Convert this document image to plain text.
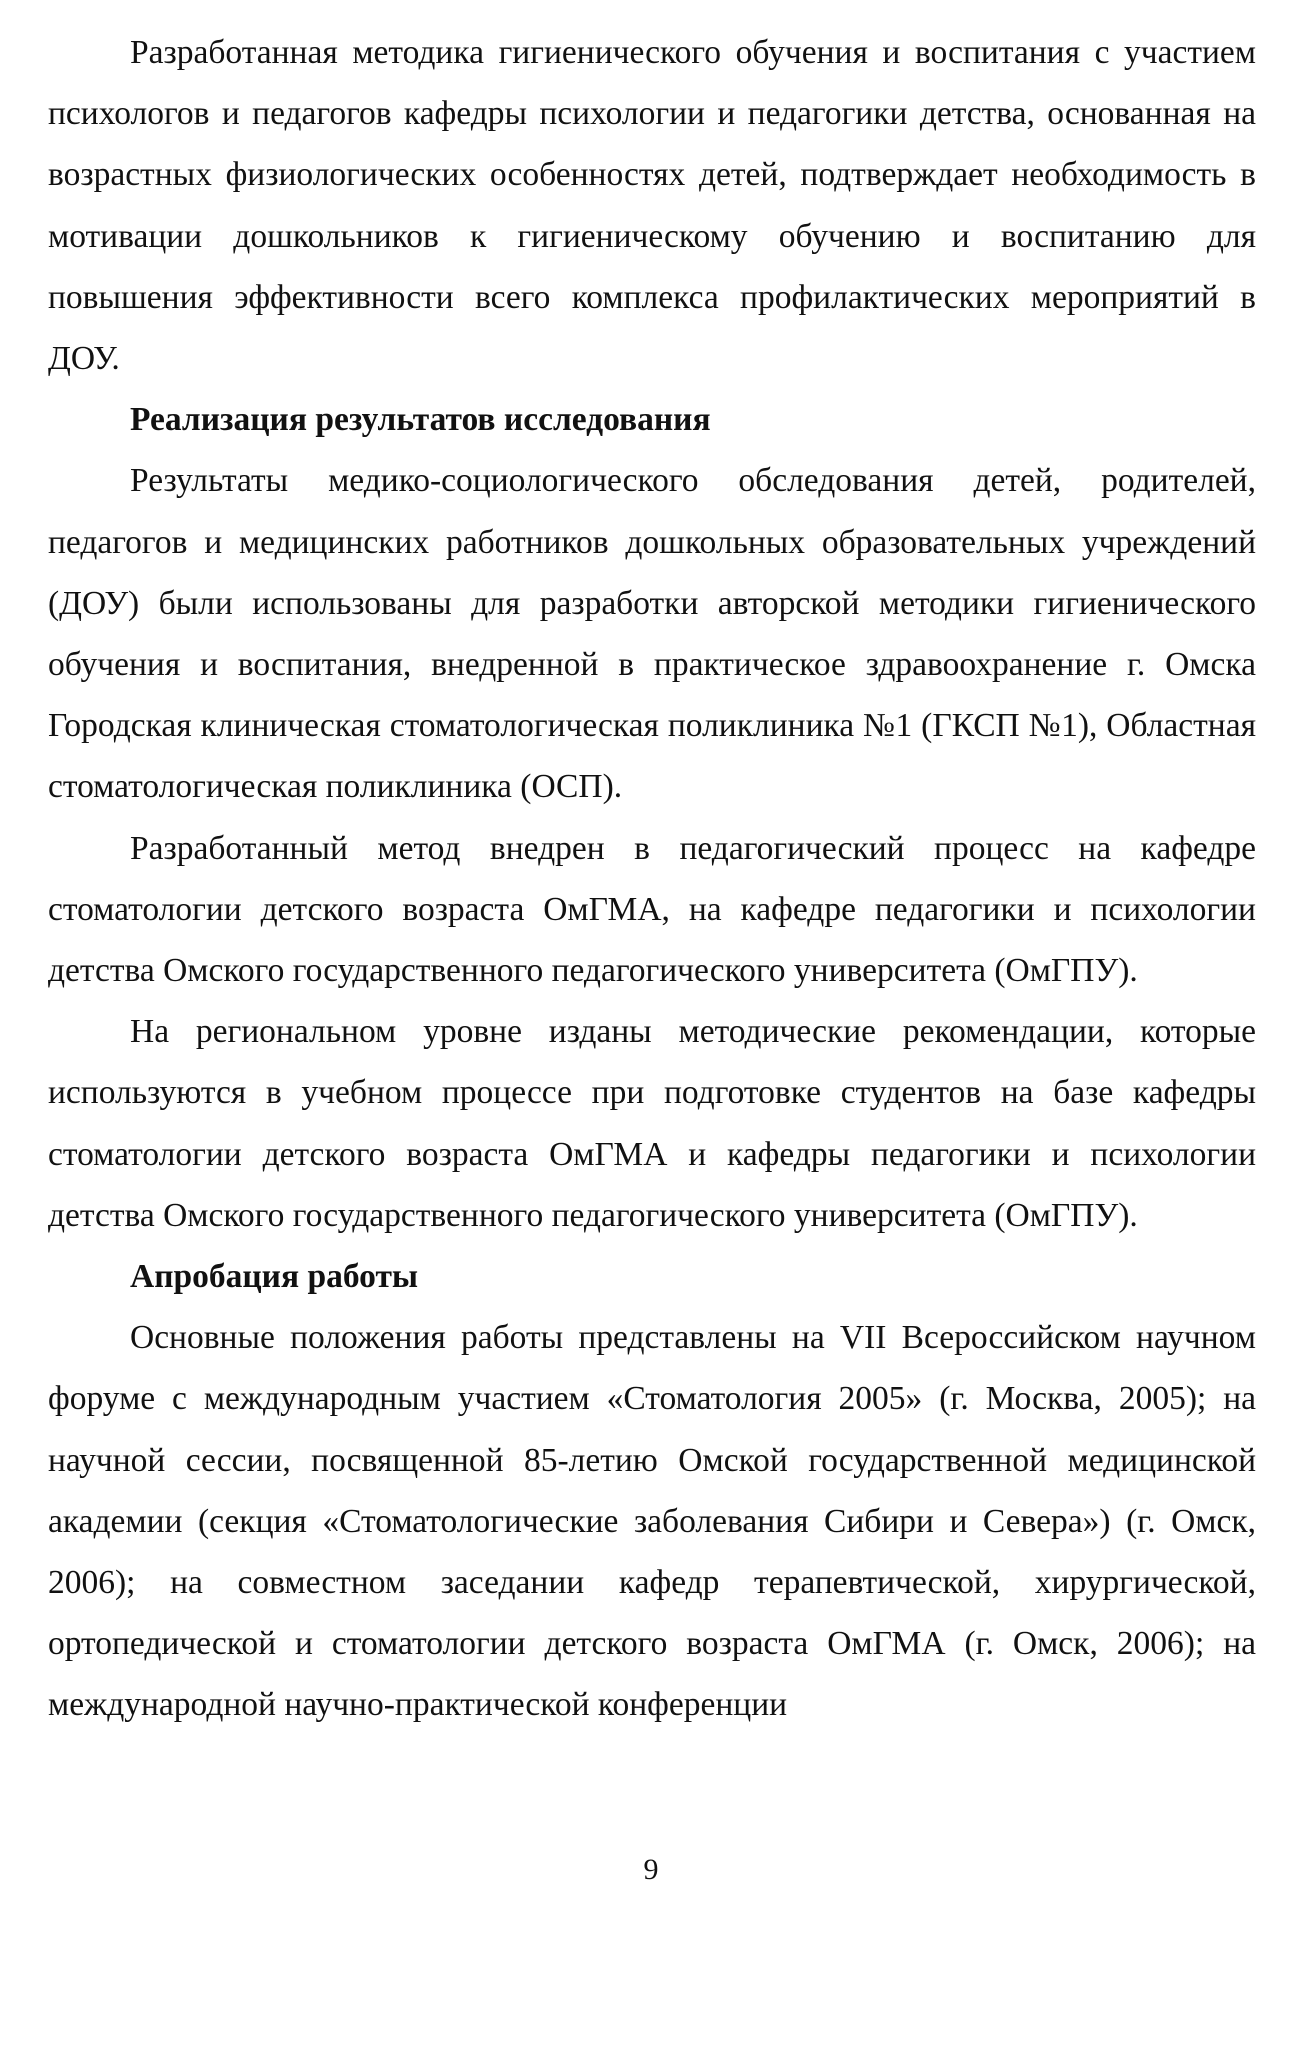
Разработанная методика гигиенического обучения и воспитания с участием психологов и педагогов кафедры психологии и педагогики детства, основанная на возрастных физиологических особенностях детей, подтверждает необходимость в мотивации дошкольников к гигиеническому обучению и воспитанию для повышения эффективности всего комплекса профилактических мероприятий в ДОУ.

Реализация результатов исследования

Результаты медико-социологического обследования детей, родителей, педагогов и медицинских работников дошкольных образовательных учреждений (ДОУ) были использованы для разработки авторской методики гигиенического обучения и воспитания, внедренной в практическое здравоохранение г. Омска Городская клиническая стоматологическая поликлиника №1 (ГКСП №1), Областная стоматологическая поликлиника (ОСП).

Разработанный метод внедрен в педагогический процесс на кафедре стоматологии детского возраста ОмГМА, на кафедре педагогики и психологии детства Омского государственного педагогического университета (ОмГПУ).

На региональном уровне изданы методические рекомендации, которые используются в учебном процессе при подготовке студентов на базе кафедры стоматологии детского возраста ОмГМА и кафедры педагогики и психологии детства Омского государственного педагогического университета (ОмГПУ).

Апробация работы

Основные положения работы представлены на VII Всероссийском научном форуме с международным участием «Стоматология 2005» (г. Москва, 2005); на научной сессии, посвященной 85-летию Омской государственной медицинской академии (секция «Стоматологические заболевания Сибири и Севера») (г. Омск, 2006); на совместном заседании кафедр терапевтической, хирургической, ортопедической и стоматологии детского возраста ОмГМА (г. Омск, 2006); на международной научно-практической конференции

9
